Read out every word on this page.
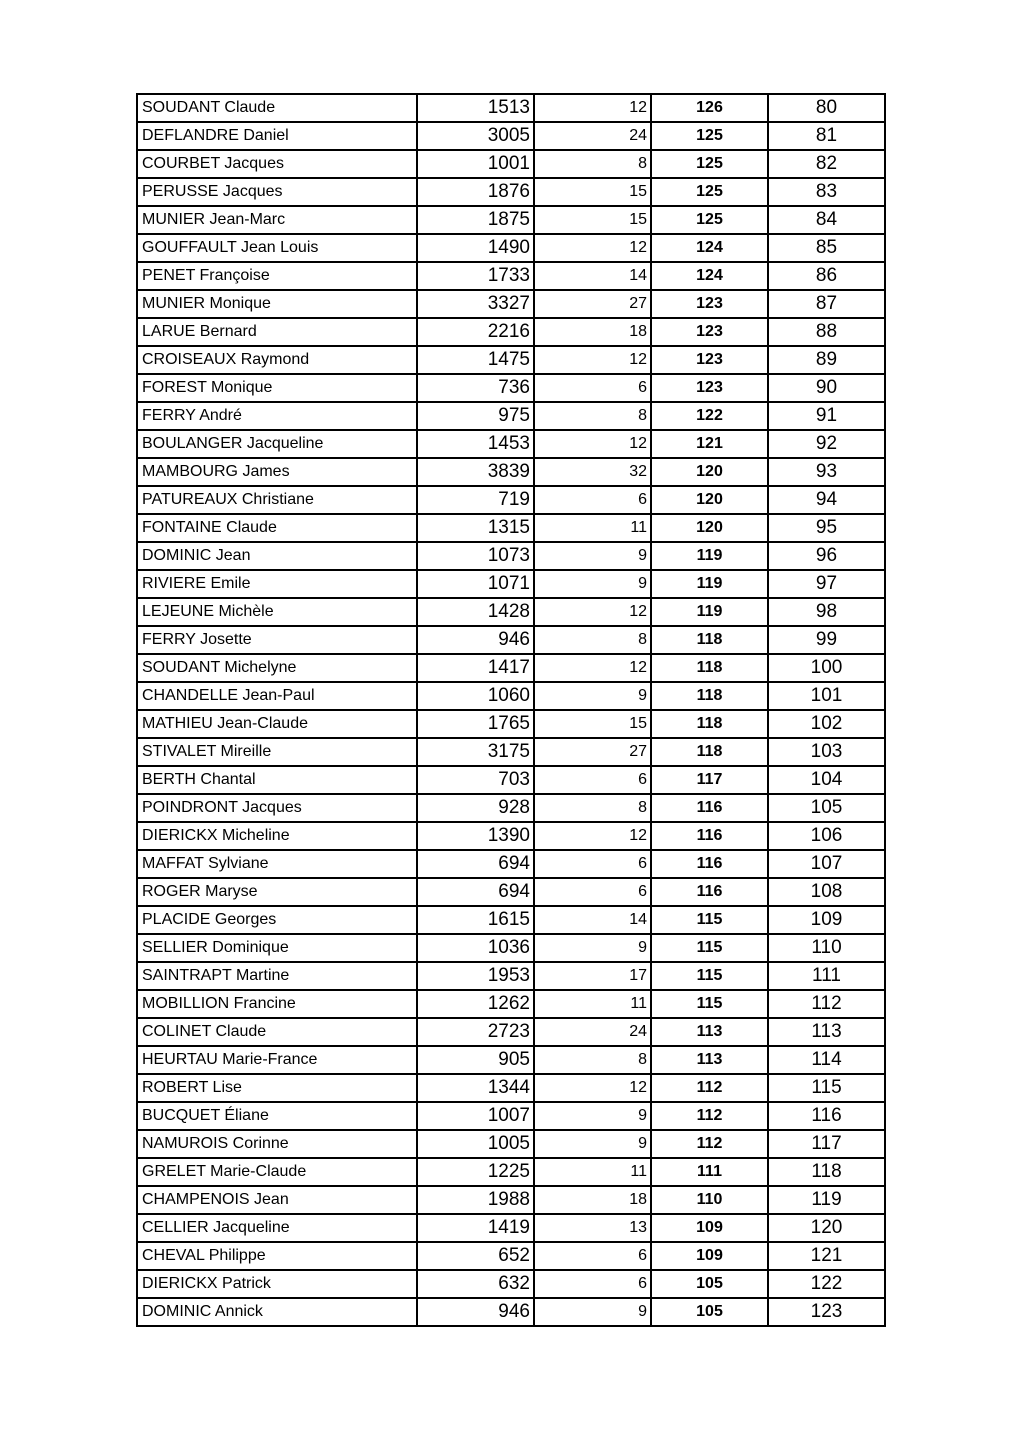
SOUDANT Claude	1513	12	126	80
DEFLANDRE Daniel	3005	24	125	81
COURBET Jacques	1001	8	125	82
PERUSSE Jacques	1876	15	125	83
MUNIER Jean-Marc	1875	15	125	84
GOUFFAULT Jean Louis	1490	12	124	85
PENET Françoise	1733	14	124	86
MUNIER Monique	3327	27	123	87
LARUE Bernard	2216	18	123	88
CROISEAUX Raymond	1475	12	123	89
FOREST Monique	736	6	123	90
FERRY André	975	8	122	91
BOULANGER Jacqueline	1453	12	121	92
MAMBOURG James	3839	32	120	93
PATUREAUX Christiane	719	6	120	94
FONTAINE Claude	1315	11	120	95
DOMINIC Jean	1073	9	119	96
RIVIERE Emile	1071	9	119	97
LEJEUNE Michèle	1428	12	119	98
FERRY Josette	946	8	118	99
SOUDANT Michelyne	1417	12	118	100
CHANDELLE Jean-Paul	1060	9	118	101
MATHIEU Jean-Claude	1765	15	118	102
STIVALET Mireille	3175	27	118	103
BERTH Chantal	703	6	117	104
POINDRONT Jacques	928	8	116	105
DIERICKX Micheline	1390	12	116	106
MAFFAT Sylviane	694	6	116	107
ROGER Maryse	694	6	116	108
PLACIDE Georges	1615	14	115	109
SELLIER Dominique	1036	9	115	110
SAINTRAPT Martine	1953	17	115	111
MOBILLION Francine	1262	11	115	112
COLINET Claude	2723	24	113	113
HEURTAU Marie-France	905	8	113	114
ROBERT Lise	1344	12	112	115
BUCQUET Éliane	1007	9	112	116
NAMUROIS Corinne	1005	9	112	117
GRELET Marie-Claude	1225	11	111	118
CHAMPENOIS Jean	1988	18	110	119
CELLIER Jacqueline	1419	13	109	120
CHEVAL Philippe	652	6	109	121
DIERICKX Patrick	632	6	105	122
DOMINIC Annick	946	9	105	123
